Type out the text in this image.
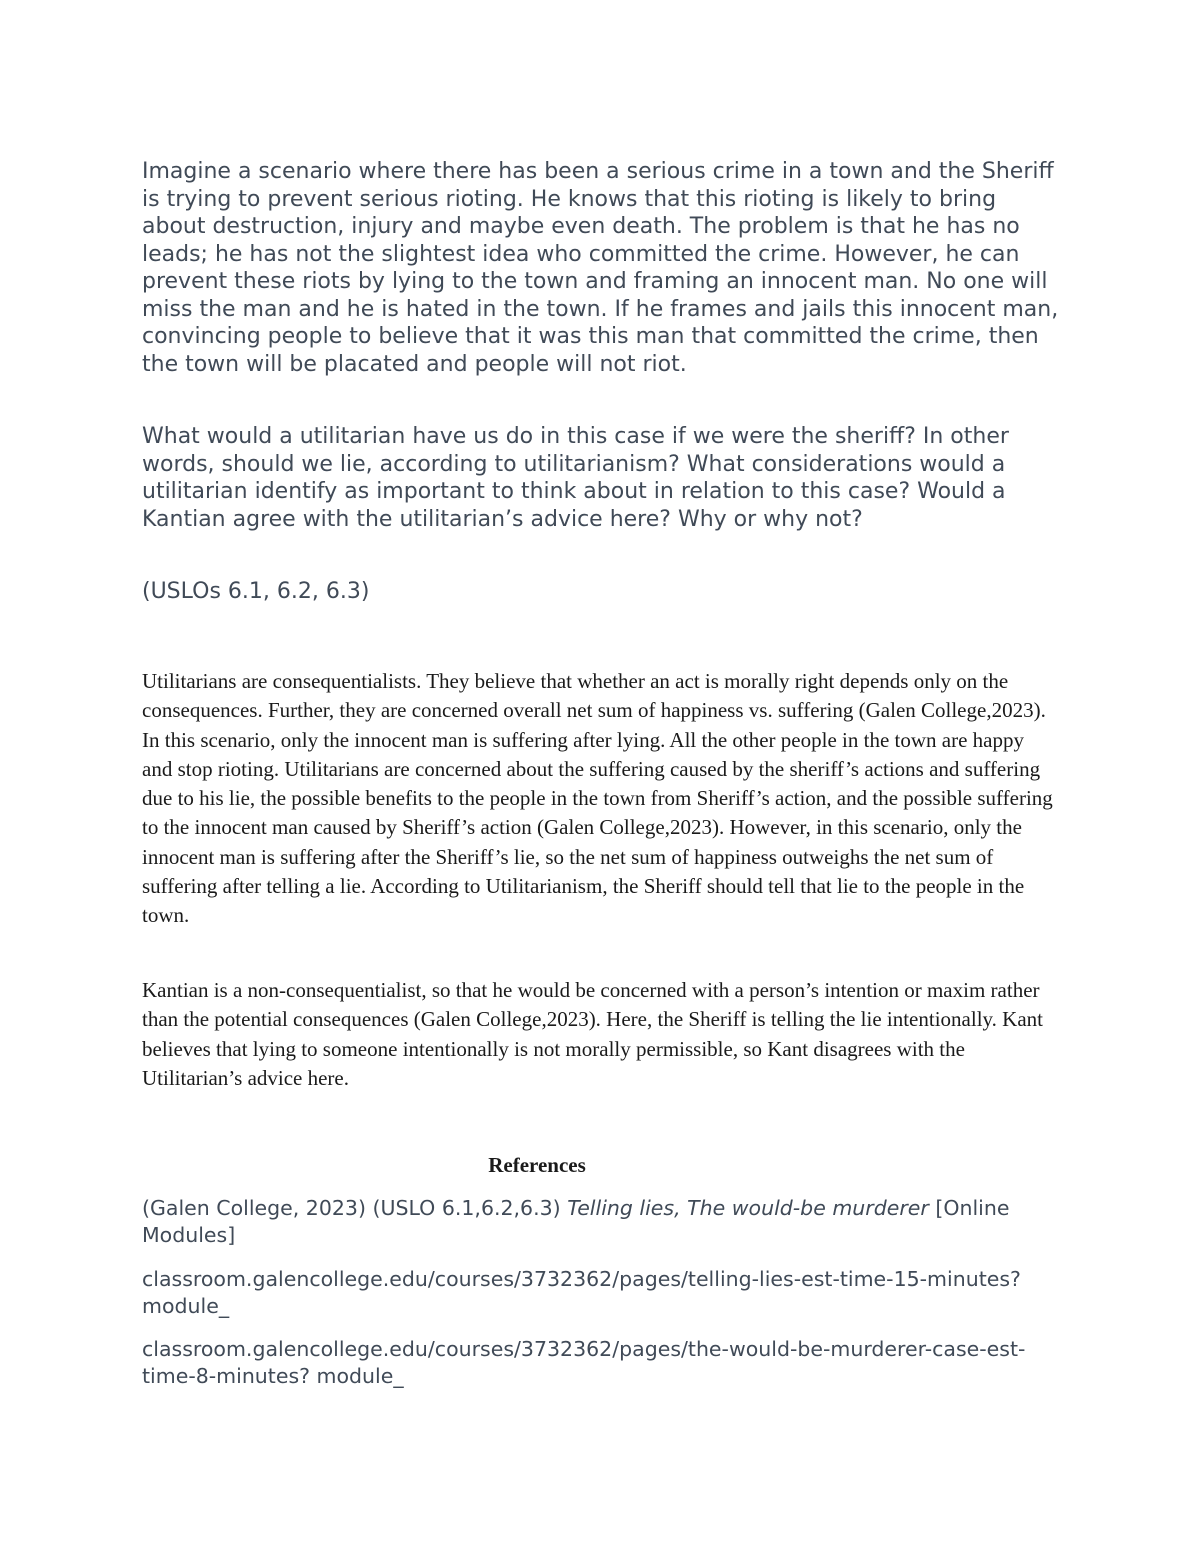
Imagine a scenario where there has been a serious crime in a town and the Sheriff is trying to prevent serious rioting. He knows that this rioting is likely to bring about destruction, injury and maybe even death. The problem is that he has no leads; he has not the slightest idea who committed the crime. However, he can prevent these riots by lying to the town and framing an innocent man. No one will miss the man and he is hated in the town. If he frames and jails this innocent man, convincing people to believe that it was this man that committed the crime, then the town will be placated and people will not riot.

What would a utilitarian have us do in this case if we were the sheriff? In other words, should we lie, according to utilitarianism? What considerations would a utilitarian identify as important to think about in relation to this case? Would a Kantian agree with the utilitarian’s advice here? Why or why not?

(USLOs 6.1, 6.2, 6.3)

Utilitarians are consequentialists. They believe that whether an act is morally right depends only on the consequences. Further, they are concerned overall net sum of happiness vs. suffering (Galen College,2023). In this scenario, only the innocent man is suffering after lying. All the other people in the town are happy and stop rioting. Utilitarians are concerned about the suffering caused by the sheriff’s actions and suffering due to his lie, the possible benefits to the people in the town from Sheriff’s action, and the possible suffering to the innocent man caused by Sheriff’s action (Galen College,2023). However, in this scenario, only the innocent man is suffering after the Sheriff’s lie, so the net sum of happiness outweighs the net sum of suffering after telling a lie. According to Utilitarianism, the Sheriff should tell that lie to the people in the town.

Kantian is a non-consequentialist, so that he would be concerned with a person’s intention or maxim rather than the potential consequences (Galen College,2023). Here, the Sheriff is telling the lie intentionally. Kant believes that lying to someone intentionally is not morally permissible, so Kant disagrees with the Utilitarian’s advice here.

References

(Galen College, 2023) (USLO 6.1,6.2,6.3) Telling lies, The would-be murderer [Online Modules]

classroom.galencollege.edu/courses/3732362/pages/telling-lies-est-time-15-minutes? module_

classroom.galencollege.edu/courses/3732362/pages/the-would-be-murderer-case-est-time-8-minutes? module_
